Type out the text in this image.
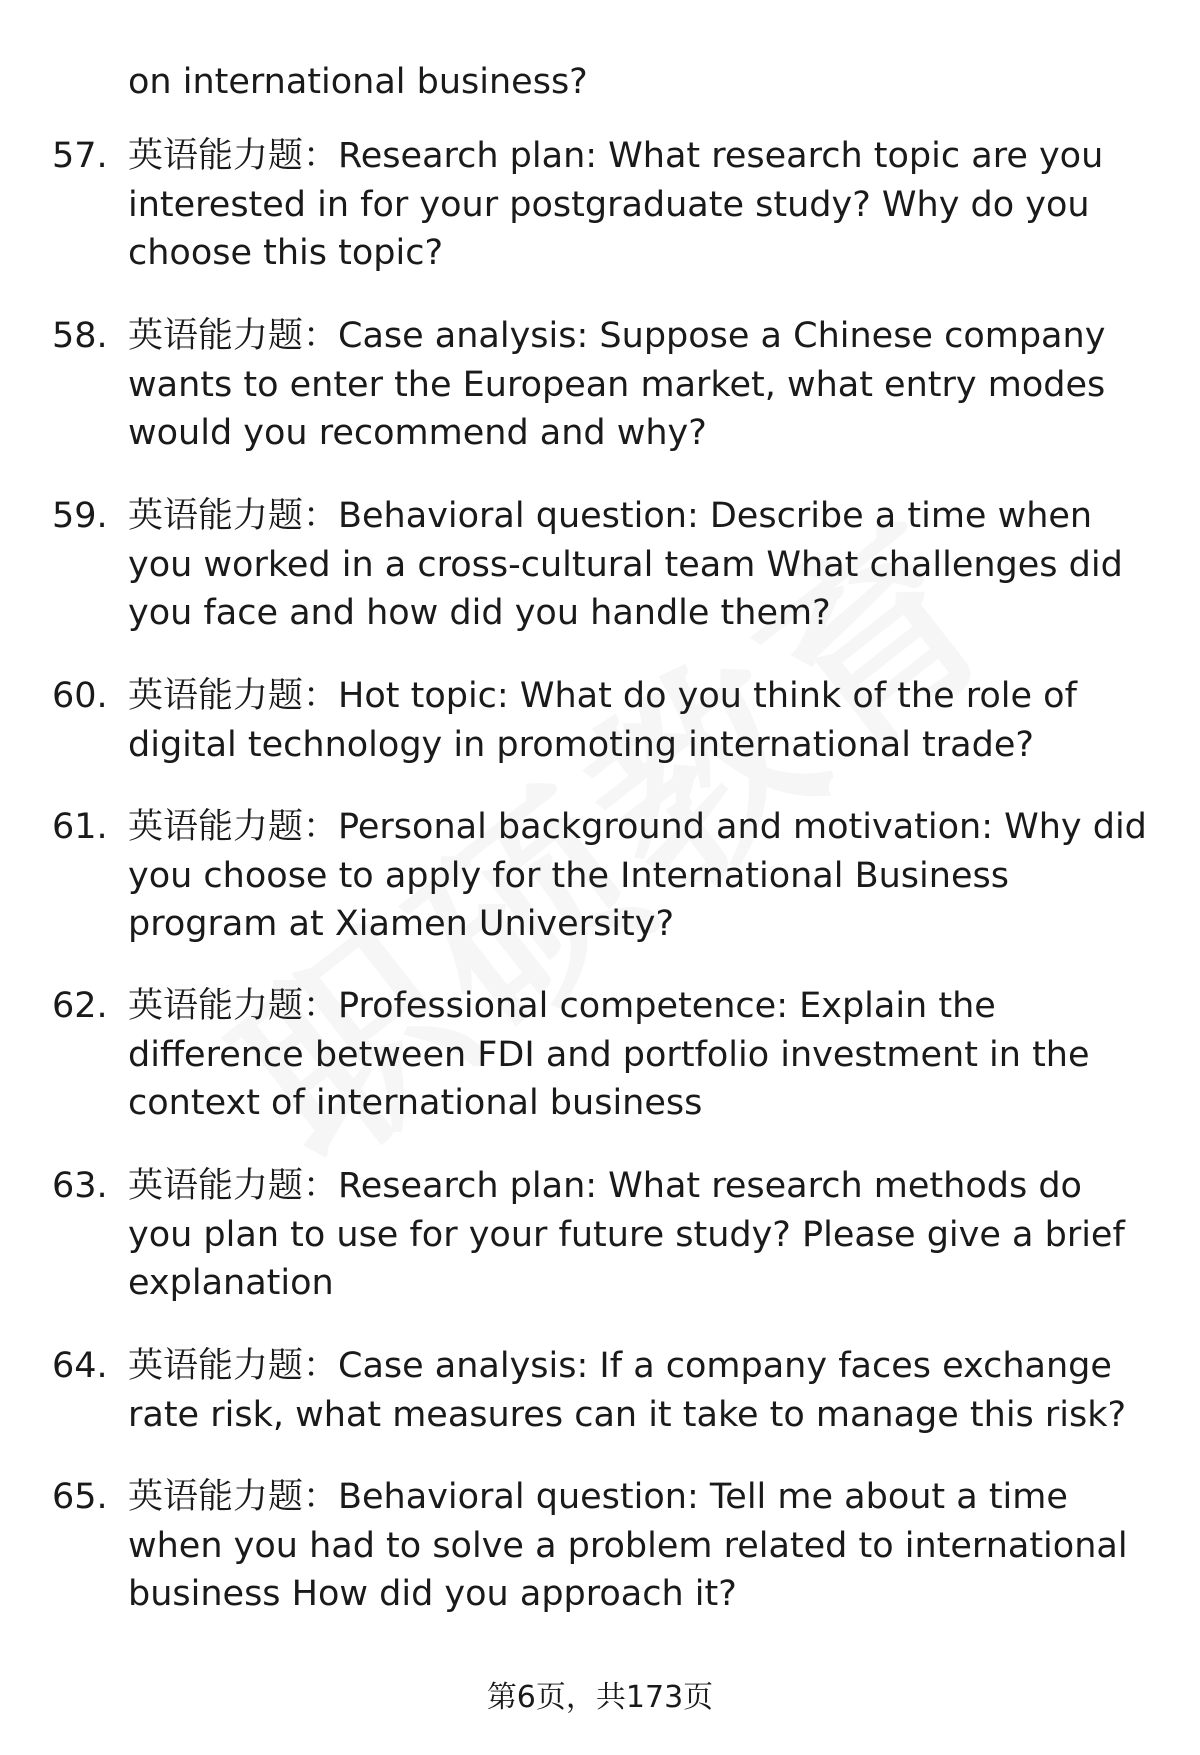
on international business?
57. 英语能力题：Research plan: What research topic are you interested in for your postgraduate study? Why do you choose this topic?
58. 英语能力题：Case analysis: Suppose a Chinese company wants to enter the European market, what entry modes would you recommend and why?
59. 英语能力题：Behavioral question: Describe a time when you worked in a cross-cultural team What challenges did you face and how did you handle them?
60. 英语能力题：Hot topic: What do you think of the role of digital technology in promoting international trade?
61. 英语能力题：Personal background and motivation: Why did you choose to apply for the International Business program at Xiamen University?
62. 英语能力题：Professional competence: Explain the difference between FDI and portfolio investment in the context of international business
63. 英语能力题：Research plan: What research methods do you plan to use for your future study? Please give a brief explanation
64. 英语能力题：Case analysis: If a company faces exchange rate risk, what measures can it take to manage this risk?
65. 英语能力题：Behavioral question: Tell me about a time when you had to solve a problem related to international business How did you approach it?
第6页，共173页
